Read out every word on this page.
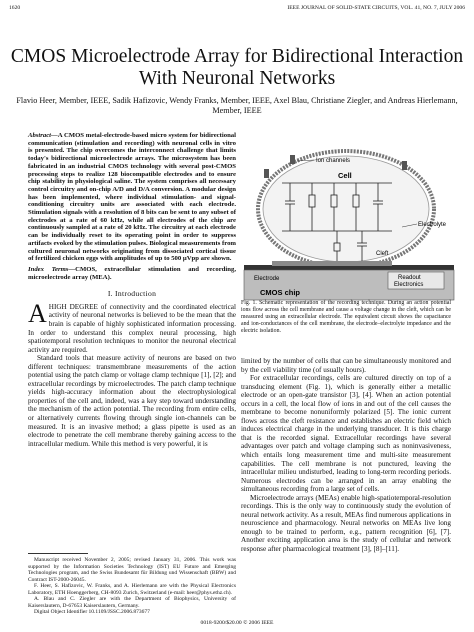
1620	IEEE JOURNAL OF SOLID-STATE CIRCUITS, VOL. 41, NO. 7, JULY 2006
CMOS Microelectrode Array for Bidirectional Interaction With Neuronal Networks
Flavio Heer, Member, IEEE, Sadik Hafizovic, Wendy Franks, Member, IEEE, Axel Blau, Christiane Ziegler, and Andreas Hierlemann, Member, IEEE
Abstract—A CMOS metal-electrode-based micro system for bidirectional communication (stimulation and recording) with neuronal cells in vitro is presented. The chip overcomes the interconnect challenge that limits today's bidirectional microelectrode arrays. The microsystem has been fabricated in an industrial CMOS technology with several post-CMOS processing steps to realize 128 biocompatible electrodes and to ensure chip stability in physiological saline. The system comprises all necessary control circuitry and on-chip A/D and D/A conversion. A modular design has been implemented, where individual stimulation- and signal-conditioning circuitry units are associated with each electrode. Stimulation signals with a resolution of 8 bits can be sent to any subset of electrodes at a rate of 60 kHz, while all electrodes of the chip are continuously sampled at a rate of 20 kHz. The circuitry at each electrode can be individually reset to its operating point in order to suppress artifacts evoked by the stimulation pulses. Biological measurements from cultured neuronal networks originating from dissociated cortical tissue of fertilized chicken eggs with amplitudes of up to 500 μVpp are shown.
Index Terms—CMOS, extracellular stimulation and recording, microelectrode array (MEA).
I. Introduction

AHIGH DEGREE of connectivity and the coordinated electrical activity of neuronal networks is believed to be the mean that the brain is capable of highly sophisticated information processing. In order to understand this complex neural processing, high spatiotemporal resolution techniques to monitor the neuronal electrical activity are required.

Standard tools that measure activity of neurons are based on two different techniques: transmembrane measurements of the action potential using the patch clamp or voltage clamp technique [1], [2]; and extracellular recordings by microelectrodes. The patch clamp technique yields high-accuracy information about the electrophysiological properties of the cell and, indeed, was a key step toward understanding the mechanism of the action potential. The recording from entire cells, or alternatively currents flowing through single ion-channels can be measured. It is an invasive method; a glass pipette is used as an electrode to penetrate the cell membrane thereby gaining access to the intracellular medium. While this method is very powerful, it is

Manuscript received November 2, 2005; revised January 31, 2006. This work was supported by the Information Societies Technology (IST) EU Future and Emerging Technologies program, and the Swiss Bundesamt für Bildung und Wissenschaft (BBW) and Contract IST-2000-26045.

F. Heer, S. Hafizovic, W. Franks, and A. Hierlemann are with the Physical Electronics Laboratory, ETH Hoenggerberg, CH-8093 Zurich, Switzerland (e-mail: heer@phys.ethz.ch).

A. Blau and C. Ziegler are with the Department of Biophysics, University of Kaiserslautern, D-67653 Kaiserslautern, Germany.

Digital Object Identifier 10.1109/JSSC.2006.873677

Ion channels
Cell
Electrolyte
Cleft
Electrode	Readout
Electronics
CMOS chip
Fig. 1. Schematic representation of the recording technique. During an action potential ions flow across the cell membrane and cause a voltage change in the cleft, which can be measured using an extracellular electrode. The equivalent circuit shows the capacitance and ion-conductances of the cell membrane, the electrode–electrolyte impedance and the electric isolation.

limited by the number of cells that can be simultaneously monitored and by the cell viability time (of usually hours).

For extracellular recordings, cells are cultured directly on top of a transducing element (Fig. 1), which is generally either a metallic electrode or an open-gate transistor [3], [4]. When an action potential occurs in a cell, the local flow of ions in and out of the cell causes the membrane to become nonuniformly polarized [5]. The ionic current flows across the cleft resistance and establishes an electric field which induces electrical charge in the underlying transducer. It is this charge that is the recorded signal. Extracellular recordings have several advantages over patch and voltage clamping such as noninvasiveness, which entails long measurement time and multi-site measurement capabilities. The cell membrane is not punctured, leaving the intracellular milieu undisturbed, leading to long-term recording periods. Numerous electrodes can be arranged in an array enabling the simultaneous recording from a large set of cells.

Microelectrode arrays (MEAs) enable high-spatiotemporal-resolution recordings. This is the only way to continuously study the evolution of neural network activity. As a result, MEAs find numerous applications in neuroscience and pharmacology. Neural networks on MEAs live long enough to be trained to perform, e.g., pattern recognition [6], [7]. Another exciting application area is the study of cellular and network response after pharmacological treatment [3], [8]–[11].

0018-9200/$20.00 © 2006 IEEE
